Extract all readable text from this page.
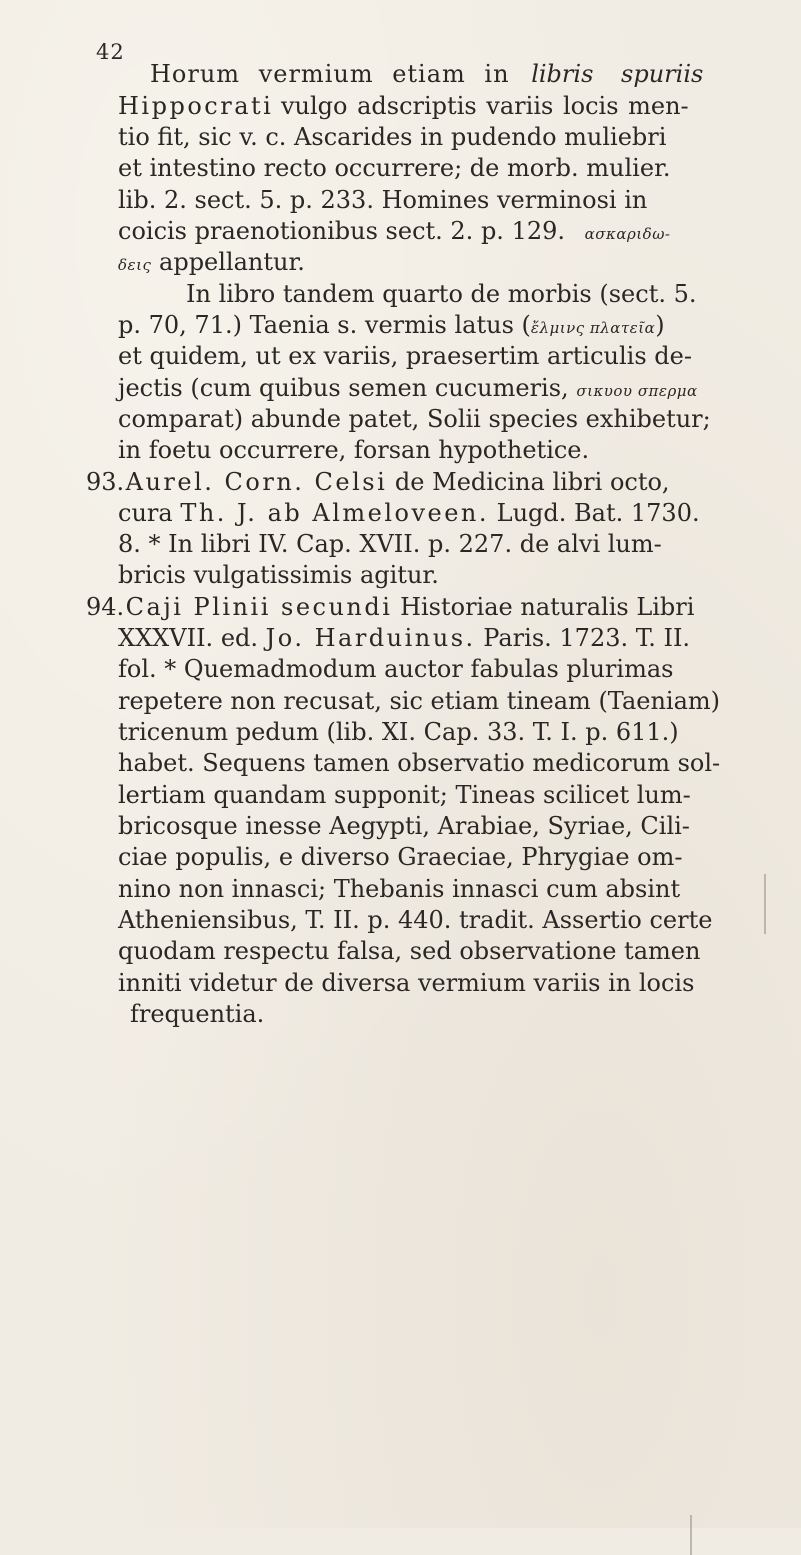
42
Horum vermium etiam in libris spuriis
Hippocrati vulgo adscriptis variis locis men-
tio fit, sic v. c. Ascarides in pudendo muliebri
et intestino recto occurrere; de morb. mulier.
lib. 2. sect. 5. p. 233. Homines verminosi in
coicis praenotionibus sect. 2. p. 129. ασκαριδω-
δεις appellantur.
In libro tandem quarto de morbis (sect. 5.
p. 70, 71.) Taenia s. vermis latus (ἔλμινς πλατεῖα)
et quidem, ut ex variis, praesertim articulis de-
jectis (cum quibus semen cucumeris, σικυου σπερμα
comparat) abunde patet, Solii species exhibetur;
in foetu occurrere, forsan hypothetice.
93. Aurel. Corn. Celsi de Medicina libri octo,
cura Th. J. ab Almeloveen. Lugd. Bat. 1730.
8. * In libri IV. Cap. XVII. p. 227. de alvi lum-
bricis vulgatissimis agitur.
94. Caji Plinii secundi Historiae naturalis Libri
XXXVII. ed. Jo. Harduinus. Paris. 1723. T. II.
fol. * Quemadmodum auctor fabulas plurimas
repetere non recusat, sic etiam tineam (Taeniam)
tricenum pedum (lib. XI. Cap. 33. T. I. p. 611.)
habet. Sequens tamen observatio medicorum sol-
lertiam quandam supponit; Tineas scilicet lum-
bricosque inesse Aegypti, Arabiae, Syriae, Cili-
ciae populis, e diverso Graeciae, Phrygiae om-
nino non innasci; Thebanis innasci cum absint
Atheniensibus, T. II. p. 440. tradit. Assertio certe
quodam respectu falsa, sed observatione tamen
inniti videtur de diversa vermium variis in locis
frequentia.
